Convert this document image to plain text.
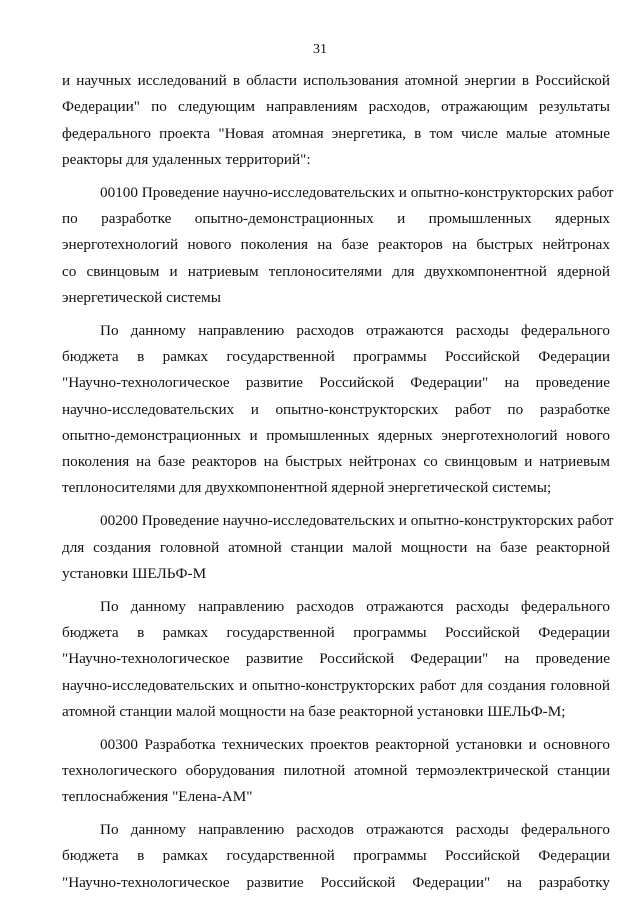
31
и научных исследований в области использования атомной энергии в Российской
Федерации" по следующим направлениям расходов, отражающим результаты
федерального проекта "Новая атомная энергетика, в том числе малые атомные
реакторы для удаленных территорий":
00100 Проведение научно-исследовательских и опытно-конструкторских работ
по разработке опытно-демонстрационных и промышленных ядерных
энерготехнологий нового поколения на базе реакторов на быстрых нейтронах
со свинцовым и натриевым теплоносителями для двухкомпонентной ядерной
энергетической системы
По данному направлению расходов отражаются расходы федерального
бюджета в рамках государственной программы Российской Федерации
"Научно-технологическое развитие Российской Федерации" на проведение
научно-исследовательских и опытно-конструкторских работ по разработке
опытно-демонстрационных и промышленных ядерных энерготехнологий нового
поколения на базе реакторов на быстрых нейтронах со свинцовым и натриевым
теплоносителями для двухкомпонентной ядерной энергетической системы;
00200 Проведение научно-исследовательских и опытно-конструкторских работ
для создания головной атомной станции малой мощности на базе реакторной
установки ШЕЛЬФ-М
По данному направлению расходов отражаются расходы федерального
бюджета в рамках государственной программы Российской Федерации
"Научно-технологическое развитие Российской Федерации" на проведение
научно-исследовательских и опытно-конструкторских работ для создания головной
атомной станции малой мощности на базе реакторной установки ШЕЛЬФ-М;
00300 Разработка технических проектов реакторной установки и основного
технологического оборудования пилотной атомной термоэлектрической станции
теплоснабжения "Елена-АМ"
По данному направлению расходов отражаются расходы федерального
бюджета в рамках государственной программы Российской Федерации
"Научно-технологическое развитие Российской Федерации" на разработку
